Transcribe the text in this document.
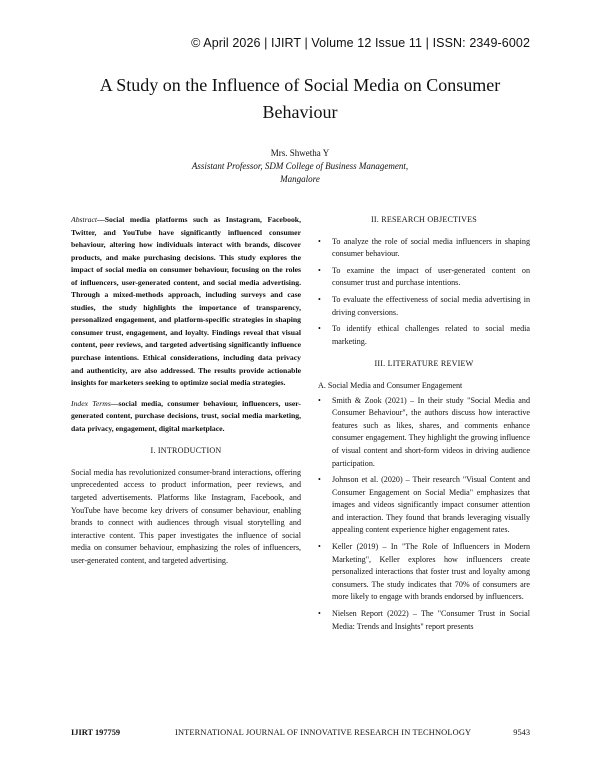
© April 2026 | IJIRT | Volume 12 Issue 11 | ISSN: 2349-6002
A Study on the Influence of Social Media on Consumer
Behaviour
Mrs. Shwetha Y
Assistant Professor, SDM College of Business Management,
Mangalore

Abstract—Social media platforms such as Instagram, Facebook, Twitter, and YouTube have significantly influenced consumer behaviour, altering how individuals interact with brands, discover products, and make purchasing decisions. This study explores the impact of social media on consumer behaviour, focusing on the roles of influencers, user-generated content, and social media advertising. Through a mixed-methods approach, including surveys and case studies, the study highlights the importance of transparency, personalized engagement, and platform-specific strategies in shaping consumer trust, engagement, and loyalty. Findings reveal that visual content, peer reviews, and targeted advertising significantly influence purchase intentions. Ethical considerations, including data privacy and authenticity, are also addressed. The results provide actionable insights for marketers seeking to optimize social media strategies.

Index Terms—social media, consumer behaviour, influencers, user-generated content, purchase decisions, trust, social media marketing, data privacy, engagement, digital marketplace.

I. INTRODUCTION

Social media has revolutionized consumer-brand interactions, offering unprecedented access to product information, peer reviews, and targeted advertisements. Platforms like Instagram, Facebook, and YouTube have become key drivers of consumer behaviour, enabling brands to connect with audiences through visual storytelling and interactive content. This paper investigates the influence of social media on consumer behaviour, emphasizing the roles of influencers, user-generated content, and targeted advertising.

II. RESEARCH OBJECTIVES
• To analyze the role of social media influencers in shaping consumer behaviour.
• To examine the impact of user-generated content on consumer trust and purchase intentions.
• To evaluate the effectiveness of social media advertising in driving conversions.
• To identify ethical challenges related to social media marketing.
III. LITERATURE REVIEW
A. Social Media and Consumer Engagement
• Smith & Zook (2021) – In their study "Social Media and Consumer Behaviour", the authors discuss how interactive features such as likes, shares, and comments enhance consumer engagement. They highlight the growing influence of visual content and short-form videos in driving audience participation.
• Johnson et al. (2020) – Their research "Visual Content and Consumer Engagement on Social Media" emphasizes that images and videos significantly impact consumer attention and interaction. They found that brands leveraging visually appealing content experience higher engagement rates.
• Keller (2019) – In "The Role of Influencers in Modern Marketing", Keller explores how influencers create personalized interactions that foster trust and loyalty among consumers. The study indicates that 70% of consumers are more likely to engage with brands endorsed by influencers.
• Nielsen Report (2022) – The "Consumer Trust in Social Media: Trends and Insights" report presents
IJIRT 197759	INTERNATIONAL JOURNAL OF INNOVATIVE RESEARCH IN TECHNOLOGY	9543
